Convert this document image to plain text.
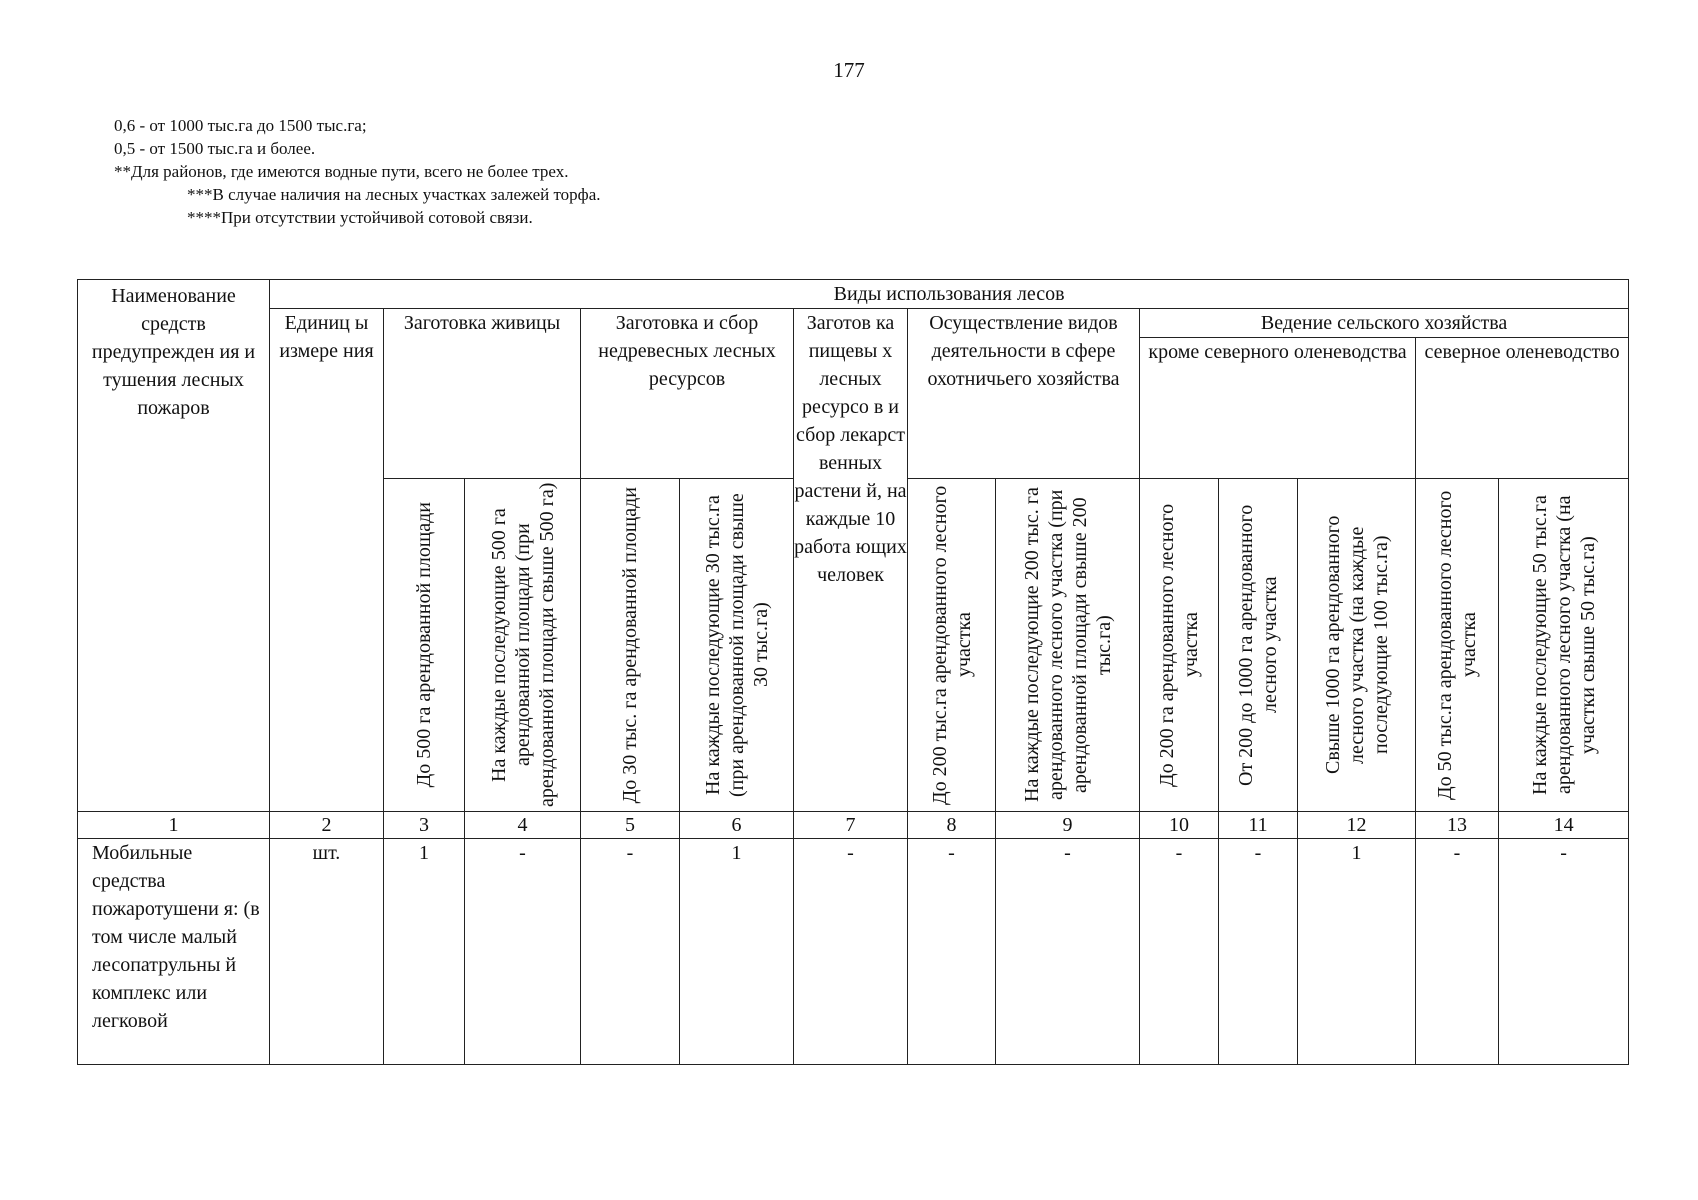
177
0,6 - от 1000 тыс.га до 1500 тыс.га;
0,5 - от 1500 тыс.га и более.
**Для районов, где имеются водные пути, всего не более трех.
***В случае наличия на лесных участках залежей торфа.
****При отсутствии устойчивой сотовой связи.
Наименование средств предупрежден ия и тушения лесных пожаров	Виды использования лесов												
	Единиц ы измере ния	Заготовка живицы		Заготовка и сбор недревесных лесных ресурсов		Заготов ка пищевы х лесных ресурсо в и сбор лекарст венных растени й, на каждые 10 работа ющих человек	Осуществление видов деятельности в сфере охотничьего хозяйства		Ведение сельского хозяйства				
									кроме северного оленеводства			северное оленеводство	

		До 500 га арендованной площади	На каждые последующие 500 га арендованной площади (при арендованной площади свыше 500 га)	До 30 тыс. га арендованной площади	На каждые последующие 30 тыс.га (при арендованной площади свыше 30 тыс.га)		До 200 тыс.га арендованного лесного участка	На каждые последующие 200 тыс. га арендованного лесного участка (при арендованной площади свыше 200 тыс.га)	До 200 га арендованного лесного участка	От 200 до 1000 га арендованного лесного участка	Свыше 1000 га арендованного лесного участка (на каждые последующие 100 тыс.га)	До 50 тыс.га арендованного лесного участка	На каждые последующие 50 тыс.га арендованного лесного участка (на участки свыше 50 тыс.га)

1	2	3	4	5	6	7	8	9	10	11	12	13	14
Мобильные средства пожаротушени я: (в том числе малый лесопатрульны й комплекс или легковой	шт.	1	-	-	1	-	-	-	-	-	1	-	-
